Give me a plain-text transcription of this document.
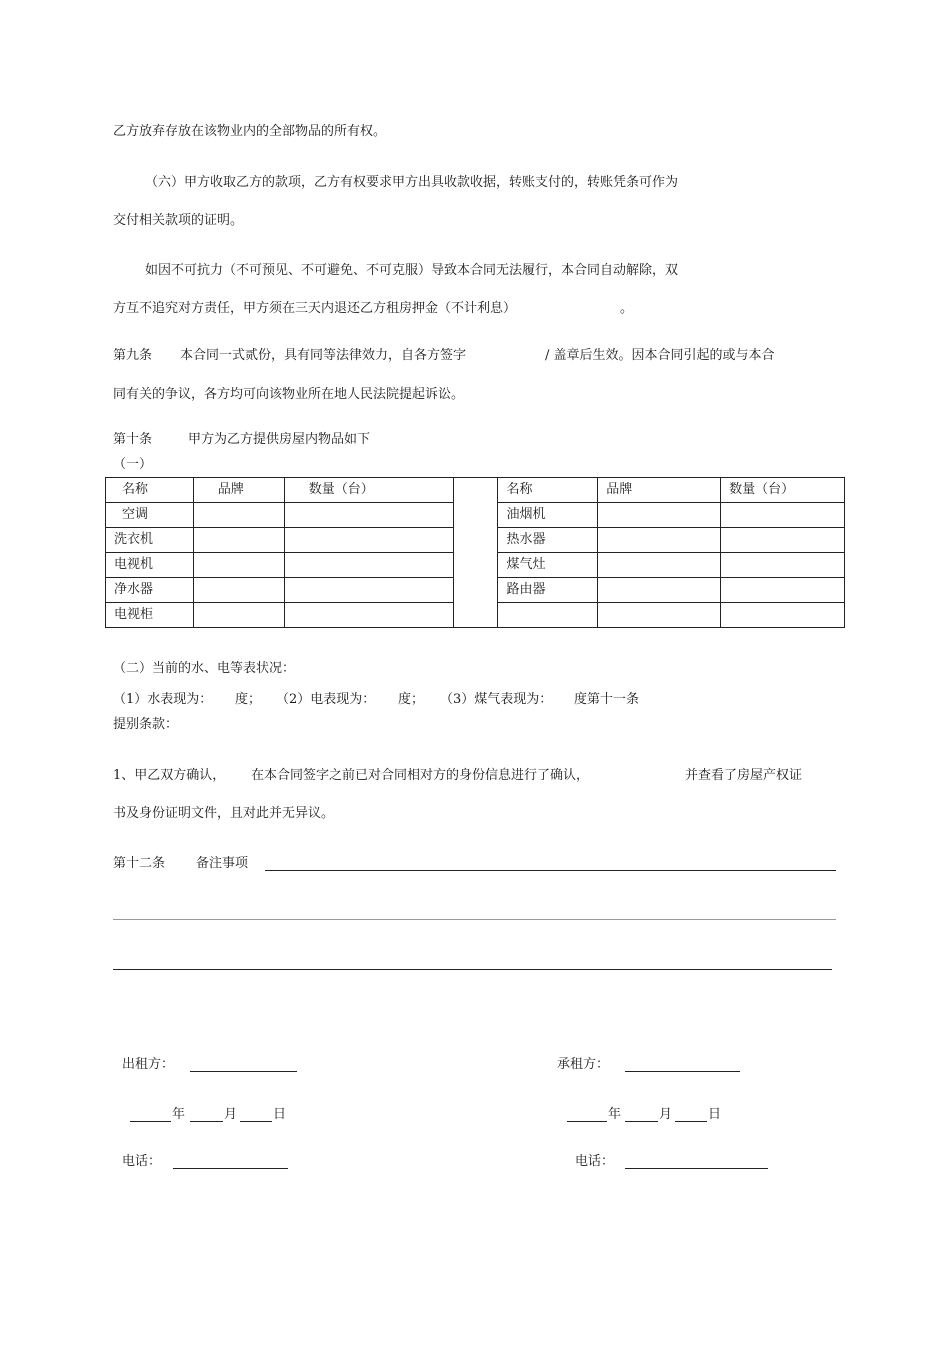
乙方放弃存放在该物业内的全部物品的所有权。
（六）甲方收取乙方的款项，乙方有权要求甲方出具收款收据，转账支付的，转账凭条可作为
交付相关款项的证明。
如因不可抗力（不可预见、不可避免、不可克服）导致本合同无法履行，本合同自动解除，双
方互不追究对方责任，甲方须在三天内退还乙方租房押金（不计利息）	。
第九条 本合同一式贰份，具有同等法律效力，自各方签字	/ 盖章后生效。因本合同引起的或与本合
同有关的争议，各方均可向该物业所在地人民法院提起诉讼。
第十条	甲方为乙方提供房屋内物品如下
（一）
名称	品牌	数量（台）		名称	品牌	数量（台）
空调				油烟机		
洗衣机				热水器		
电视机				煤气灶		
净水器				路由器		
电视柜						
（二）当前的水、电等表状况：
（1）水表现为： 度； （2）电表现为： 度； （3）煤气表现为： 度第十一条
提别条款：
1、甲乙双方确认， 在本合同签字之前已对合同相对方的身份信息进行了确认，	并查看了房屋产权证
书及身份证明文件，且对此并无异议。
第十二条 备注事项
出租方：	承租方：
年	月	日	年	月	日
电话：	电话：
